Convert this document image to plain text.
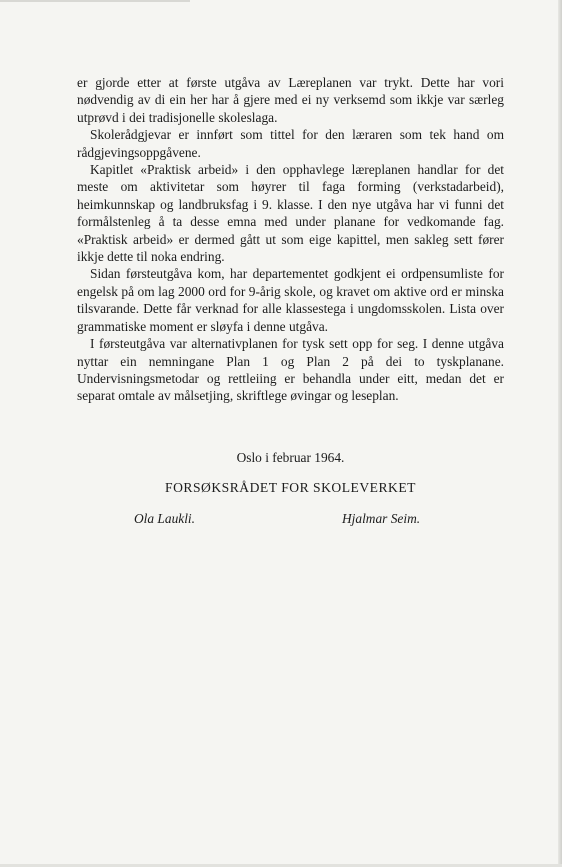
er gjorde etter at første utgåva av Læreplanen var trykt. Dette har vori nødvendig av di ein her har å gjere med ei ny verksemd som ikkje var særleg utprøvd i dei tradisjonelle skoleslaga.

Skolerådgjevar er innført som tittel for den læraren som tek hand om rådgjevingsoppgåvene.

Kapitlet «Praktisk arbeid» i den opphavlege læreplanen handlar for det meste om aktivitetar som høyrer til faga forming (verkstadarbeid), heimkunnskap og landbruksfag i 9. klasse. I den nye utgåva har vi funni det formålstenleg å ta desse emna med under planane for vedkomande fag. «Praktisk arbeid» er dermed gått ut som eige kapittel, men sakleg sett fører ikkje dette til noka endring.

Sidan førsteutgåva kom, har departementet godkjent ei ordpensumliste for engelsk på om lag 2000 ord for 9-årig skole, og kravet om aktive ord er minska tilsvarande. Dette får verknad for alle klassestega i ungdomsskolen. Lista over grammatiske moment er sløyfa i denne utgåva.

I førsteutgåva var alternativplanen for tysk sett opp for seg. I denne utgåva nyttar ein nemningane Plan 1 og Plan 2 på dei to tyskplanane. Undervisningsmetodar og rettleiing er behandla under eitt, medan det er separat omtale av målsetjing, skriftlege øvingar og leseplan.

Oslo i februar 1964.
FORSØKSRÅDET FOR SKOLEVERKET
Ola Laukli.	Hjalmar Seim.
